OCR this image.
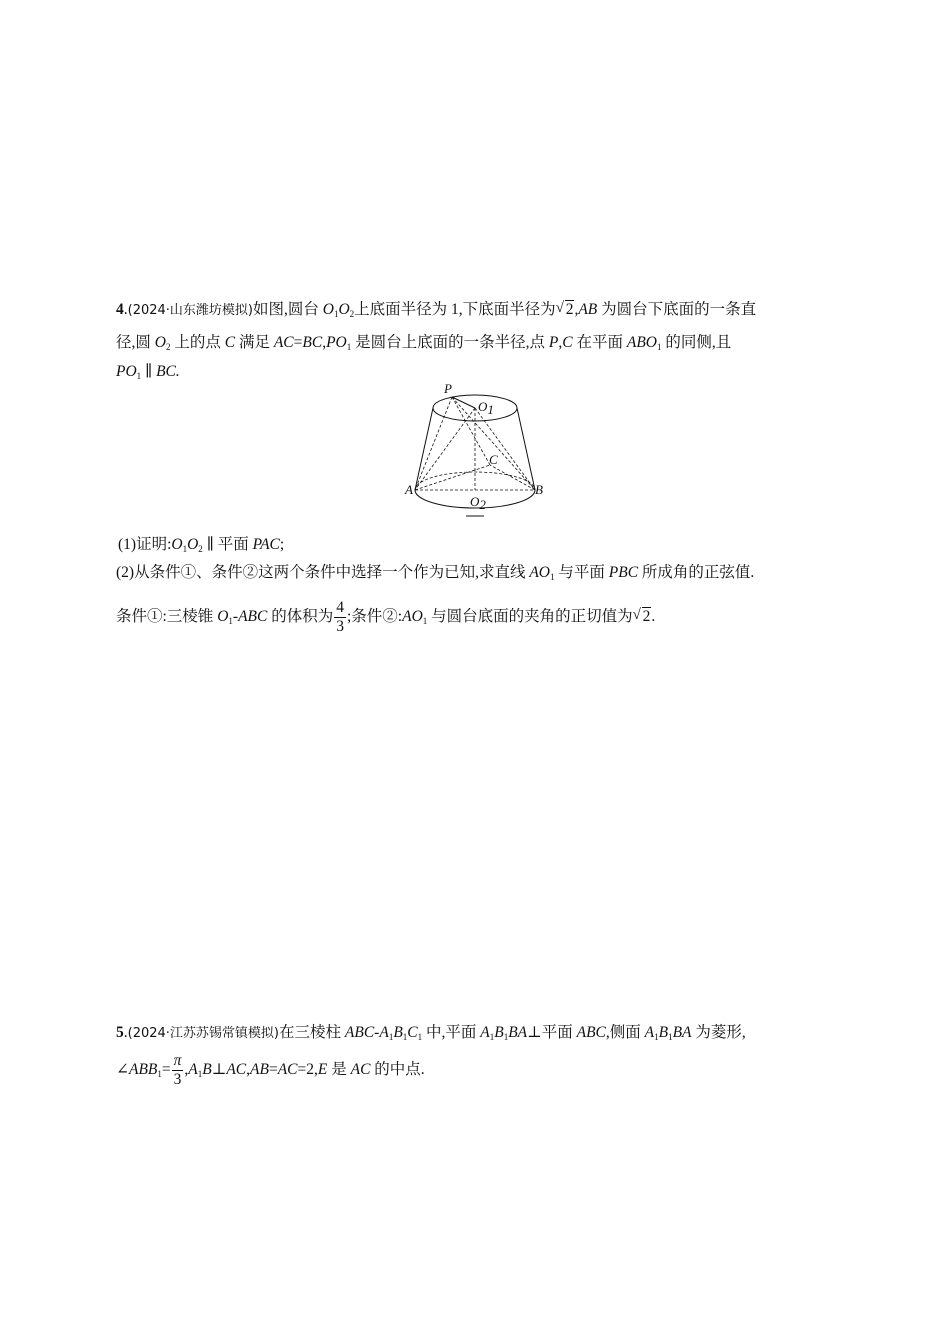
4.(2024·山东潍坊模拟)如图,圆台 $O_1O_2$上底面半径为 1,下底面半径为 √ 2,AB 为圆台下底面的一条直
径,圆 $O_2$ 上的点 C 满足 $AC=BC,PO_1$ 是圆台上底面的一条半径,点 P,C 在平面 $ABO_1$ 的同侧,且
$PO_1$ ∥ BC.
P
O1
C
A	B
O2
(1)证明$:O_1O_2$ ∥ 平面 PAC;
(2)从条件①、条件②这两个条件中选择一个作为已知,求直线 $AO_1$ 与平面 PBC 所成角的正弦值.
条件①:三棱锥 $O_1$-ABC 的体积为 $\frac{4}{3}$ ;条件$②:AO_1$ 与圆台底面的夹角的正切值为 √ 2.
5.(2024·江苏苏锡常镇模拟)在三棱柱 ABC-$A_1B_1C_1$ 中,平面 $A_1B_1BA\perp$平面 ABC,侧面 $A_1B_1BA$ 为菱形,
$\angle ABB_1= \frac{\pi}{3}$ $,A_1B\perp AC,AB=AC=2,E$ 是 AC 的中点.
